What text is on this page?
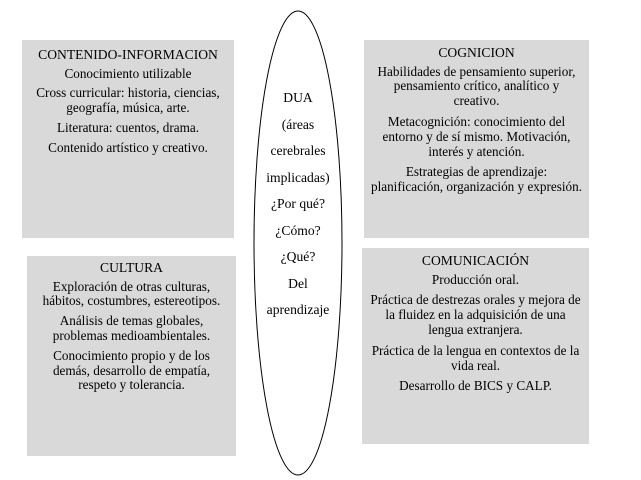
DUA

(áreas

cerebrales

implicadas)

¿Por qué?

¿Cómo?

¿Qué?

Del

aprendizaje

CONTENIDO-INFORMACION

Conocimiento utilizable

Cross curricular: historia, ciencias, geografía, música, arte.

Literatura: cuentos, drama.

Contenido artístico y creativo.

COGNICION

Habilidades de pensamiento superior, pensamiento crítico, analítico y creativo.

Metacognición: conocimiento del entorno y de sí mismo. Motivación, interés y atención.

Estrategias de aprendizaje: planificación, organización y expresión.

CULTURA

Exploración de otras culturas, hábitos, costumbres, estereotipos.

Análisis de temas globales, problemas medioambientales.

Conocimiento propio y de los demás, desarrollo de empatía, respeto y tolerancia.

COMUNICACIÓN

Producción oral.

Práctica de destrezas orales y mejora de la fluidez en la adquisición de una lengua extranjera.

Práctica de la lengua en contextos de la vida real.

Desarrollo de BICS y CALP.
